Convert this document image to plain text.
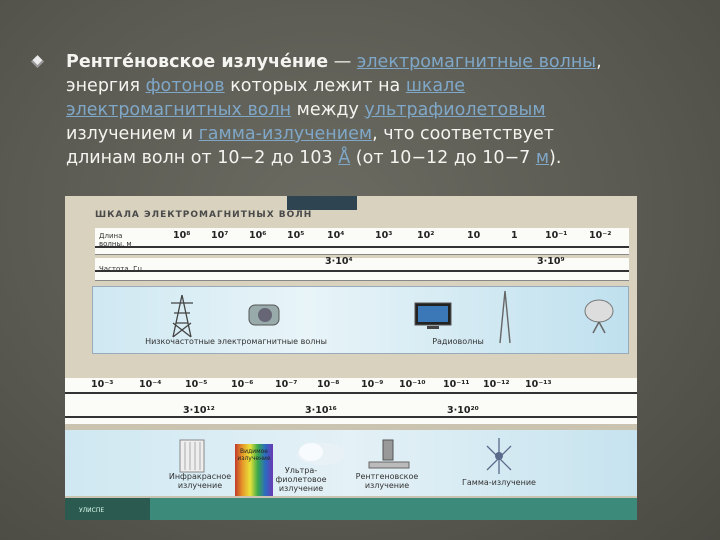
Рентге́новское излуче́ние — электромагнитные волны,
энергия фотонов которых лежит на шкале
электромагнитных волн между ультрафиолетовым
излучением и гамма-излучением, что соответствует
длинам волн от 10−2 до 103 Å (от 10−12 до 10−7 м).
ШКАЛА ЭЛЕКТРОМАГНИТНЫХ ВОЛН
Длина волны, м
10⁸ 10⁷ 10⁶ 10⁵ 10⁴	10³	10²	10	1	10⁻¹ 10⁻²
Частота, Гц
3·10⁴	3·10⁹
Низкочастотные электромагнитные волны	Радиоволны
10⁻³	10⁻⁴ 10⁻⁵ 10⁻⁶ 10⁻⁷ 10⁻⁸ 10⁻⁹ 10⁻¹⁰ 10⁻¹¹ 10⁻¹² 10⁻¹³
3·10¹²	3·10¹⁶	3·10²⁰
Инфракрасное излучение
Ультра-фиолетовое излучение
Рентгеновское излучение	Гамма-излучение
Видимое излучение
УЛИСПЕ
